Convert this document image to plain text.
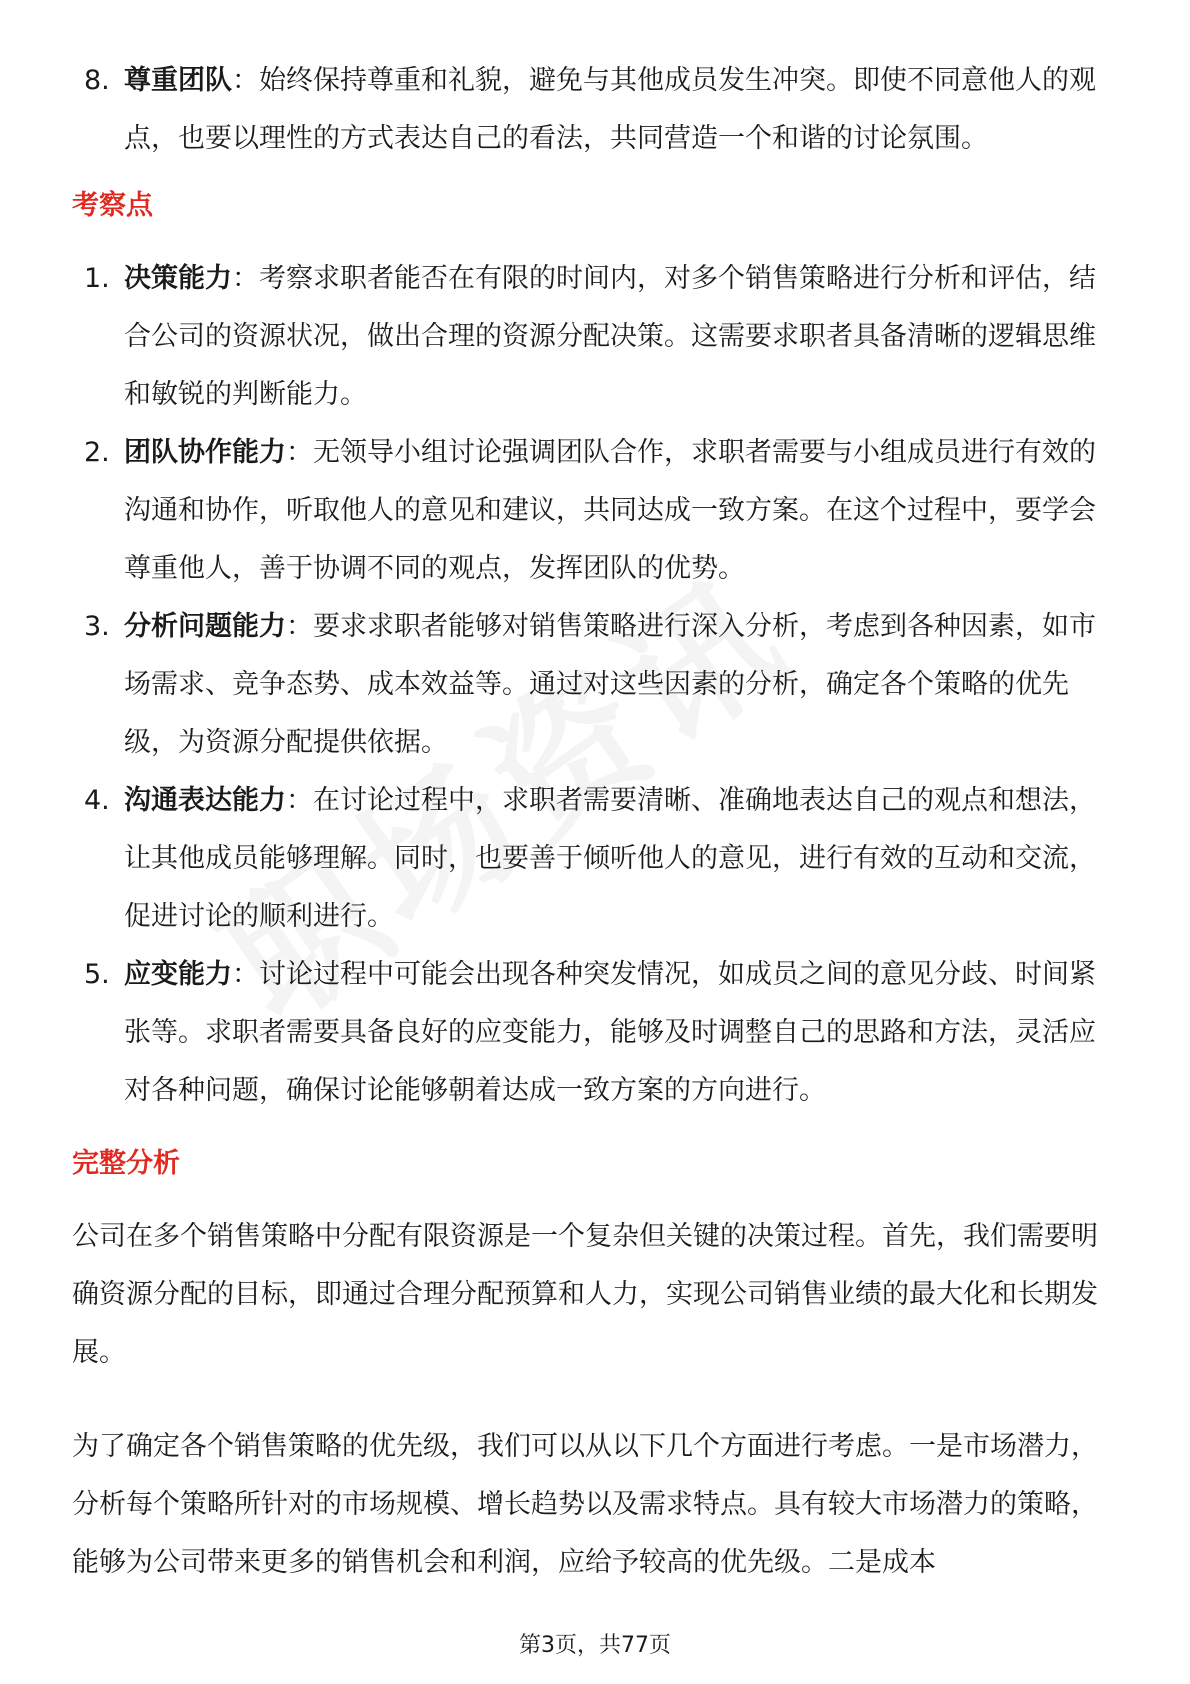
8. 尊重团队：始终保持尊重和礼貌，避免与其他成员发生冲突。即使不同意他人的观点，也要以理性的方式表达自己的看法，共同营造一个和谐的讨论氛围。
考察点
1. 决策能力：考察求职者能否在有限的时间内，对多个销售策略进行分析和评估，结合公司的资源状况，做出合理的资源分配决策。这需要求职者具备清晰的逻辑思维和敏锐的判断能力。
2. 团队协作能力：无领导小组讨论强调团队合作，求职者需要与小组成员进行有效的沟通和协作，听取他人的意见和建议，共同达成一致方案。在这个过程中，要学会尊重他人，善于协调不同的观点，发挥团队的优势。
3. 分析问题能力：要求求职者能够对销售策略进行深入分析，考虑到各种因素，如市场需求、竞争态势、成本效益等。通过对这些因素的分析，确定各个策略的优先级，为资源分配提供依据。
4. 沟通表达能力：在讨论过程中，求职者需要清晰、准确地表达自己的观点和想法，让其他成员能够理解。同时，也要善于倾听他人的意见，进行有效的互动和交流，促进讨论的顺利进行。
5. 应变能力：讨论过程中可能会出现各种突发情况，如成员之间的意见分歧、时间紧张等。求职者需要具备良好的应变能力，能够及时调整自己的思路和方法，灵活应对各种问题，确保讨论能够朝着达成一致方案的方向进行。
完整分析

公司在多个销售策略中分配有限资源是一个复杂但关键的决策过程。首先，我们需要明确资源分配的目标，即通过合理分配预算和人力，实现公司销售业绩的最大化和长期发展。

为了确定各个销售策略的优先级，我们可以从以下几个方面进行考虑。一是市场潜力，分析每个策略所针对的市场规模、增长趋势以及需求特点。具有较大市场潜力的策略，能够为公司带来更多的销售机会和利润，应给予较高的优先级。二是成本

第3页，共77页
